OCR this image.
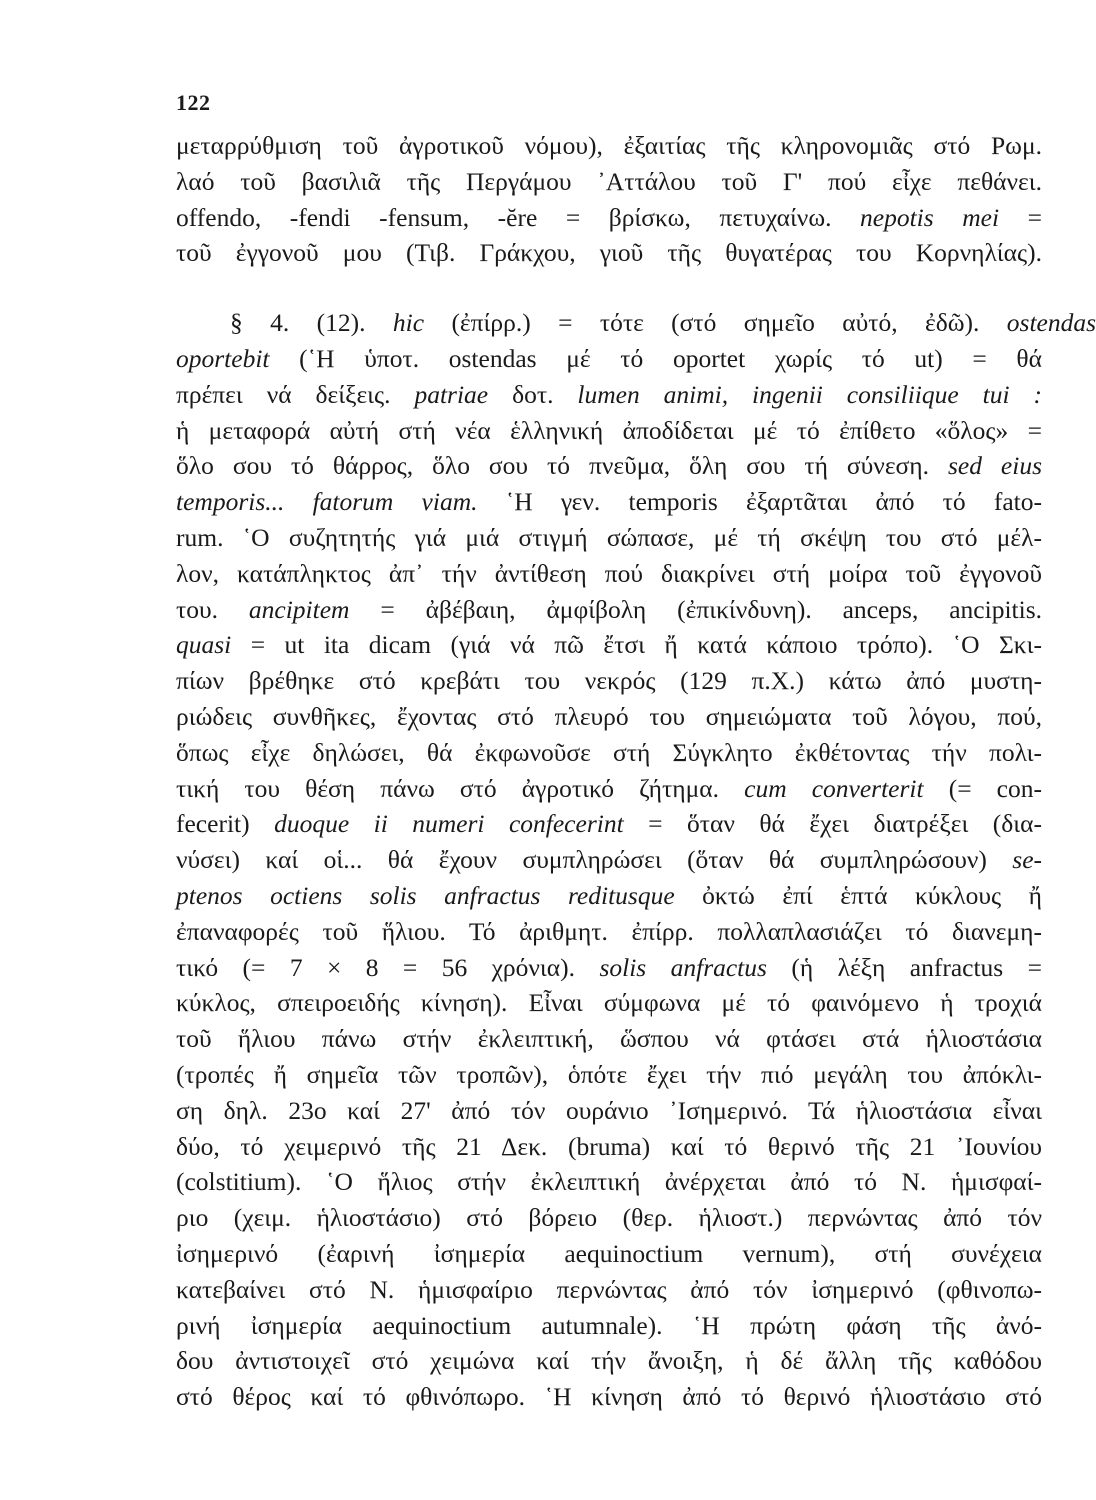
122
μεταρρύθμιση τοῦ ἀγροτικοῦ νόμου), ἐξαιτίας τῆς κληρονομιᾶς στό Ρωμ.
λαό τοῦ βασιλιᾶ τῆς Περγάμου ᾿Αττάλου τοῦ Γ' πού εἶχε πεθάνει.
offendo, -fendi -fensum, -ĕre = βρίσκω, πετυχαίνω. nepotis mei =
τοῦ ἐγγονοῦ μου (Τιβ. Γράκχου, γιοῦ τῆς θυγατέρας του Κορνηλίας).
§ 4. (12). hic (ἐπίρρ.) = τότε (στό σημεῖο αὐτό, ἐδῶ). ostendas
oportebit (῾Η ὑποτ. ostendas μέ τό oportet χωρίς τό ut) = θά
πρέπει νά δείξεις. patriae δοτ. lumen animi, ingenii consiliique tui :
ἡ μεταφορά αὐτή στή νέα ἑλληνική ἀποδίδεται μέ τό ἐπίθετο «ὅλος» =
ὅλο σου τό θάρρος, ὅλο σου τό πνεῦμα, ὅλη σου τή σύνεση. sed eius
temporis... fatorum viam. ῾Η γεν. temporis ἐξαρτᾶται ἀπό τό fato-
rum. ῾Ο συζητητής γιά μιά στιγμή σώπασε, μέ τή σκέψη του στό μέλ-
λον, κατάπληκτος ἀπ᾿ τήν ἀντίθεση πού διακρίνει στή μοίρα τοῦ ἐγγονοῦ
του. ancipitem = ἀβέβαιη, ἀμφίβολη (ἐπικίνδυνη). anceps, ancipitis.
quasi = ut ita dicam (γιά νά πῶ ἔτσι ἤ κατά κάποιο τρόπο). ῾Ο Σκι-
πίων βρέθηκε στό κρεβάτι του νεκρός (129 π.Χ.) κάτω ἀπό μυστη-
ριώδεις συνθῆκες, ἔχοντας στό πλευρό του σημειώματα τοῦ λόγου, πού,
ὅπως εἶχε δηλώσει, θά ἐκφωνοῦσε στή Σύγκλητο ἐκθέτοντας τήν πολι-
τική του θέση πάνω στό ἀγροτικό ζήτημα. cum converterit (= con-
fecerit) duoque ii numeri confecerint = ὅταν θά ἔχει διατρέξει (δια-
νύσει) καί οἱ... θά ἔχουν συμπληρώσει (ὅταν θά συμπληρώσουν) se-
ptenos octiens solis anfractus reditusque ὀκτώ ἐπί ἑπτά κύκλους ἤ
ἐπαναφορές τοῦ ἥλιου. Τό ἀριθμητ. ἐπίρρ. πολλαπλασιάζει τό διανεμη-
τικό (= 7 × 8 = 56 χρόνια). solis anfractus (ἡ λέξη anfractus =
κύκλος, σπειροειδής κίνηση). Εἶναι σύμφωνα μέ τό φαινόμενο ἡ τροχιά
τοῦ ἥλιου πάνω στήν ἐκλειπτική, ὥσπου νά φτάσει στά ἡλιοστάσια
(τροπές ἤ σημεῖα τῶν τροπῶν), ὁπότε ἔχει τήν πιό μεγάλη του ἀπόκλι-
ση δηλ. 23ο καί 27' ἀπό τόν ουράνιο ᾿Ισημερινό. Τά ἡλιοστάσια εἶναι
δύο, τό χειμερινό τῆς 21 Δεκ. (bruma) καί τό θερινό τῆς 21 ᾿Ιουνίου
(colstitium). ῾Ο ἥλιος στήν ἐκλειπτική ἀνέρχεται ἀπό τό Ν. ἡμισφαί-
ριο (χειμ. ἡλιοστάσιο) στό βόρειο (θερ. ἡλιοστ.) περνώντας ἀπό τόν
ἰσημερινό (ἐαρινή ἰσημερία aequinoctium vernum), στή συνέχεια
κατεβαίνει στό Ν. ἡμισφαίριο περνώντας ἀπό τόν ἰσημερινό (φθινοπω-
ρινή ἰσημερία aequinoctium autumnale). ῾Η πρώτη φάση τῆς ἀνό-
δου ἀντιστοιχεῖ στό χειμώνα καί τήν ἄνοιξη, ἡ δέ ἄλλη τῆς καθόδου
στό θέρος καί τό φθινόπωρο. ῾Η κίνηση ἀπό τό θερινό ἡλιοστάσιο στό
